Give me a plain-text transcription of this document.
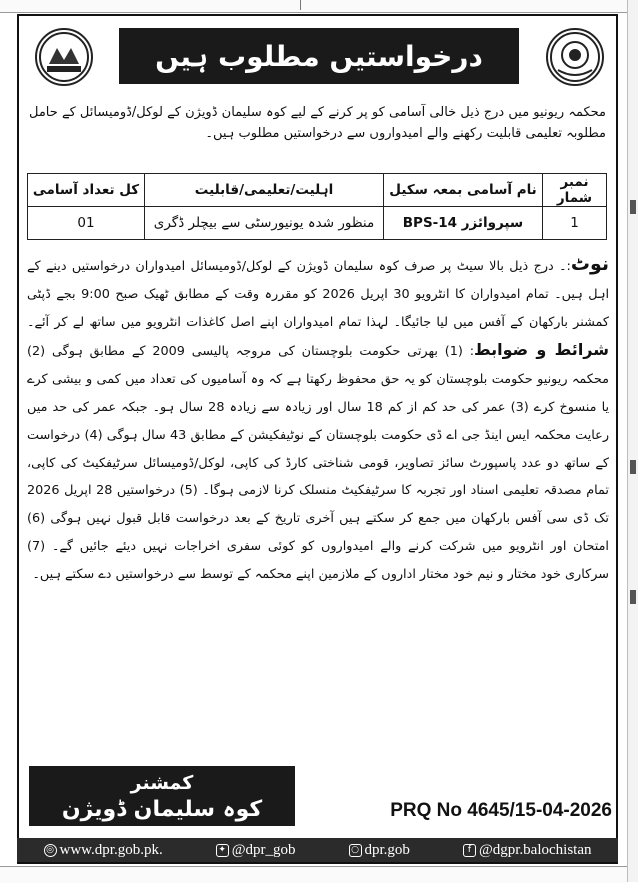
درخواستیں مطلوب ہیں
محکمہ ریونیو میں درج ذیل خالی آسامی کو پر کرنے کے لیے کوہ سلیمان ڈویژن کے لوکل/ڈومیسائل کے حامل مطلوبہ تعلیمی قابلیت رکھنے والے امیدواروں سے درخواستیں مطلوب ہیں۔
نمبر شمار	نام آسامی بمعہ سکیل	اہلیت/تعلیمی/قابلیت	کل تعداد آسامی
1	سپروائزر BPS-14	منظور شدہ یونیورسٹی سے بیچلر ڈگری	01
نوٹ:۔ درج ذیل بالا سیٹ پر صرف کوہ سلیمان ڈویژن کے لوکل/ڈومیسائل امیدواران درخواستیں دینے کے اہل ہیں۔ تمام امیدواران کا انٹرویو 30 اپریل 2026 کو مقررہ وقت کے مطابق ٹھیک صبح 9:00 بجے ڈپٹی کمشنر بارکھان کے آفس میں لیا جائیگا۔ لہذا تمام امیدواران اپنے اصل کاغذات انٹرویو میں ساتھ لے کر آئے۔ شرائط و ضوابط: (1) بھرتی حکومت بلوچستان کی مروجہ پالیسی 2009 کے مطابق ہوگی (2) محکمہ ریونیو حکومت بلوچستان کو یہ حق محفوظ رکھتا ہے کہ وہ آسامیوں کی تعداد میں کمی و بیشی کرے یا منسوخ کرے (3) عمر کی حد کم از کم 18 سال اور زیادہ سے زیادہ 28 سال ہو۔ جبکہ عمر کی حد میں رعایت محکمہ ایس اینڈ جی اے ڈی حکومت بلوچستان کے نوٹیفکیشن کے مطابق 43 سال ہوگی (4) درخواست کے ساتھ دو عدد پاسپورٹ سائز تصاویر، قومی شناختی کارڈ کی کاپی، لوکل/ڈومیسائل سرٹیفکیٹ کی کاپی، تمام مصدقہ تعلیمی اسناد اور تجربہ کا سرٹیفکیٹ منسلک کرنا لازمی ہوگا۔ (5) درخواستیں 28 اپریل 2026 تک ڈی سی آفس بارکھان میں جمع کر سکتے ہیں آخری تاریخ کے بعد درخواست قابل قبول نہیں ہوگی (6) امتحان اور انٹرویو میں شرکت کرنے والے امیدواروں کو کوئی سفری اخراجات نہیں دیئے جائیں گے۔ (7) سرکاری خود مختار و نیم خود مختار اداروں کے ملازمین اپنے محکمہ کے توسط سے درخواستیں دے سکتے ہیں۔
کمشنر
کوہ سلیمان ڈویژن	PRQ No 4645/15-04-2026
◎ www.dpr.gob.pk.	✦ @dpr_gob	○ dpr.gob	f @dgpr.balochistan
